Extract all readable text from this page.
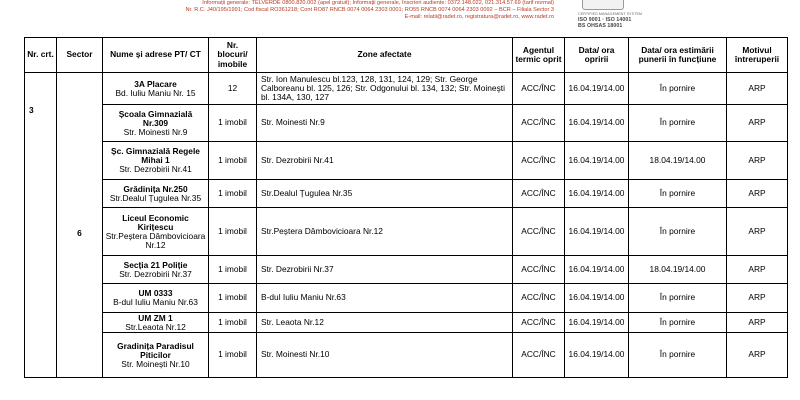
Informații generale: TELVERDE 0800.820.002 (apel gratuit); Informații generale, înscrieri audiente: 0372.148.022, 021.314.57.69 (tarif normal)
Nr. R.C. J40/195/1991; Cod fiscal RO361218; Cont RO87 RNCB 0074 0064 2303 0001; RO55 RNCB 0074 0064 2303 0092 – BCR – Filiala Sector 3
E-mail: relatii@radet.ro, registratura@radet.ro, www.radet.ro
CERTIFIED MANAGEMENT SYSTEM
ISO 9001 · ISO 14001
BS OHSAS 18001
Nr. crt.	Sector	Nume și adrese PT/ CT	Nr. blocuri/ imobile	Zone afectate	Agentul termic oprit	Data/ ora opririi	Data/ ora estimării punerii în funcțiune	Motivul întreruperii
3	6	3A Placare
Bd. Iuliu Maniu Nr. 15	12	Str. Ion Manulescu bl.123, 128, 131, 124, 129; Str. George Calboreanu bl. 125, 126; Str. Odgonului bl. 134, 132; Str. Moineşti bl. 134A, 130, 127	ACC/ÎNC	16.04.19/14.00	În pornire	ARP

		Școala Gimnazială Nr.309
Str. Moinesti Nr.9	1 imobil	Str. Moinesti Nr.9	ACC/ÎNC	16.04.19/14.00	În pornire	ARP

		Șc. Gimnazială Regele Mihai 1
Str. Dezrobirii Nr.41	1 imobil	Str. Dezrobirii Nr.41	ACC/ÎNC	16.04.19/14.00	18.04.19/14.00	ARP

		Grădinița Nr.250
Str.Dealul Țugulea Nr.35	1 imobil	Str.Dealul Țugulea Nr.35	ACC/ÎNC	16.04.19/14.00	În pornire	ARP

		Liceul Economic Kirițescu
Str.Peștera Dâmbovicioara Nr.12	1 imobil	Str.Peștera Dâmbovicioara Nr.12	ACC/ÎNC	16.04.19/14.00	În pornire	ARP

		Secția 21 Poliție
Str. Dezrobirii Nr.37	1 imobil	Str. Dezrobirii Nr.37	ACC/ÎNC	16.04.19/14.00	18.04.19/14.00	ARP

		UM 0333
B-dul Iuliu Maniu Nr.63	1 imobil	B-dul Iuliu Maniu Nr.63	ACC/ÎNC	16.04.19/14.00	În pornire	ARP

		UM ZM 1
Str.Leaota Nr.12	1 imobil	Str. Leaota Nr.12	ACC/ÎNC	16.04.19/14.00	În pornire	ARP

		Gradinița Paradisul Piticilor
Str. Moinești Nr.10	1 imobil	Str. Moinesti Nr.10	ACC/ÎNC	16.04.19/14.00	În pornire	ARP
